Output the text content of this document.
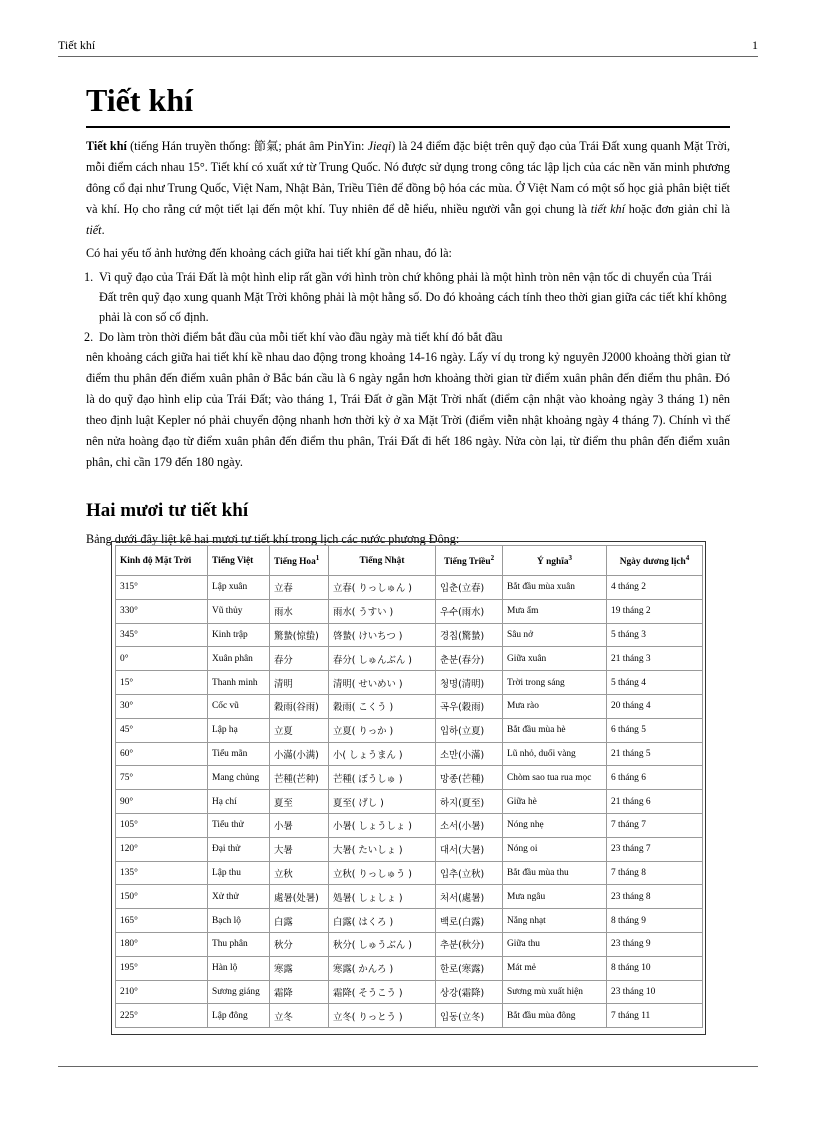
Tiết khí	1
Tiết khí

Tiết khí (tiếng Hán truyền thống: 節氣; phát âm PinYin: Jieqi) là 24 điểm đặc biệt trên quỹ đạo của Trái Đất xung quanh Mặt Trời, mỗi điểm cách nhau 15°. Tiết khí có xuất xứ từ Trung Quốc. Nó được sử dụng trong công tác lập lịch của các nền văn minh phương đông cổ đại như Trung Quốc, Việt Nam, Nhật Bản, Triều Tiên để đồng bộ hóa các mùa. Ở Việt Nam có một số học giả phân biệt tiết và khí. Họ cho rằng cứ một tiết lại đến một khí. Tuy nhiên để dễ hiểu, nhiều người vẫn gọi chung là tiết khí hoặc đơn giản chỉ là tiết.

Có hai yếu tố ảnh hưởng đến khoảng cách giữa hai tiết khí gần nhau, đó là:

1. Vì quỹ đạo của Trái Đất là một hình elip rất gần với hình tròn chứ không phải là một hình tròn nên vận tốc di chuyển của Trái Đất trên quỹ đạo xung quanh Mặt Trời không phải là một hằng số. Do đó khoảng cách tính theo thời gian giữa các tiết khí không phải là con số cố định.
2. Do làm tròn thời điểm bắt đầu của mỗi tiết khí vào đầu ngày mà tiết khí đó bắt đầu

nên khoảng cách giữa hai tiết khí kề nhau dao động trong khoảng 14-16 ngày. Lấy ví dụ trong kỷ nguyên J2000 khoảng thời gian từ điểm thu phân đến điểm xuân phân ở Bắc bán cầu là 6 ngày ngắn hơn khoảng thời gian từ điểm xuân phân đến điểm thu phân. Đó là do quỹ đạo hình elip của Trái Đất; vào tháng 1, Trái Đất ở gần Mặt Trời nhất (điểm cận nhật vào khoảng ngày 3 tháng 1) nên theo định luật Kepler nó phải chuyển động nhanh hơn thời kỳ ở xa Mặt Trời (điểm viễn nhật khoảng ngày 4 tháng 7). Chính vì thế nên nửa hoàng đạo từ điểm xuân phân đến điểm thu phân, Trái Đất đi hết 186 ngày. Nửa còn lại, từ điểm thu phân đến điểm xuân phân, chỉ cần 179 đến 180 ngày.

Hai mươi tư tiết khí

Bảng dưới đây liệt kê hai mươi tư tiết khí trong lịch các nước phương Đông:

Kinh độ Mặt Trời	Tiếng Việt	Tiếng Hoa$^1$	Tiếng Nhật	Tiếng Triều$^2$	Ý nghĩa$^3$	Ngày dương lịch$^4$
315°	Lập xuân	立春	立春( りっしゅん )	입춘(立春)	Bắt đầu mùa xuân	4 tháng 2
330°	Vũ thủy	雨水	雨水( うすい )	우수(雨水)	Mưa ẩm	19 tháng 2
345°	Kinh trập	驚蟄(惊蛰)	啓蟄( けいちつ )	경칩(驚蟄)	Sâu nở	5 tháng 3
0°	Xuân phân	春分	春分( しゅんぶん )	춘분(春分)	Giữa xuân	21 tháng 3
15°	Thanh minh	清明	清明( せいめい )	청명(清明)	Trời trong sáng	5 tháng 4
30°	Cốc vũ	穀雨(谷雨)	穀雨( こくう )	곡우(穀雨)	Mưa rào	20 tháng 4
45°	Lập hạ	立夏	立夏( りっか )	입하(立夏)	Bắt đầu mùa hè	6 tháng 5
60°	Tiểu mãn	小滿(小满)	小( しょうまん )	소만(小滿)	Lũ nhỏ, duối vàng	21 tháng 5
75°	Mang chủng	芒種(芒种)	芒種( ぼうしゅ )	망종(芒種)	Chòm sao tua rua mọc	6 tháng 6
90°	Hạ chí	夏至	夏至( げし )	하지(夏至)	Giữa hè	21 tháng 6
105°	Tiểu thử	小暑	小暑( しょうしょ )	소서(小暑)	Nóng nhẹ	7 tháng 7
120°	Đại thử	大暑	大暑( たいしょ )	대서(大暑)	Nóng oi	23 tháng 7
135°	Lập thu	立秋	立秋( りっしゅう )	입추(立秋)	Bắt đầu mùa thu	7 tháng 8
150°	Xử thử	處暑(处暑)	処暑( しょしょ )	처서(處暑)	Mưa ngâu	23 tháng 8
165°	Bạch lộ	白露	白露( はくろ )	백로(白露)	Nắng nhạt	8 tháng 9
180°	Thu phân	秋分	秋分( しゅうぶん )	추분(秋分)	Giữa thu	23 tháng 9
195°	Hàn lộ	寒露	寒露( かんろ )	한로(寒露)	Mát mẻ	8 tháng 10
210°	Sương giáng	霜降	霜降( そうこう )	상강(霜降)	Sương mù xuất hiện	23 tháng 10
225°	Lập đông	立冬	立冬( りっとう )	입동(立冬)	Bắt đầu mùa đông	7 tháng 11
